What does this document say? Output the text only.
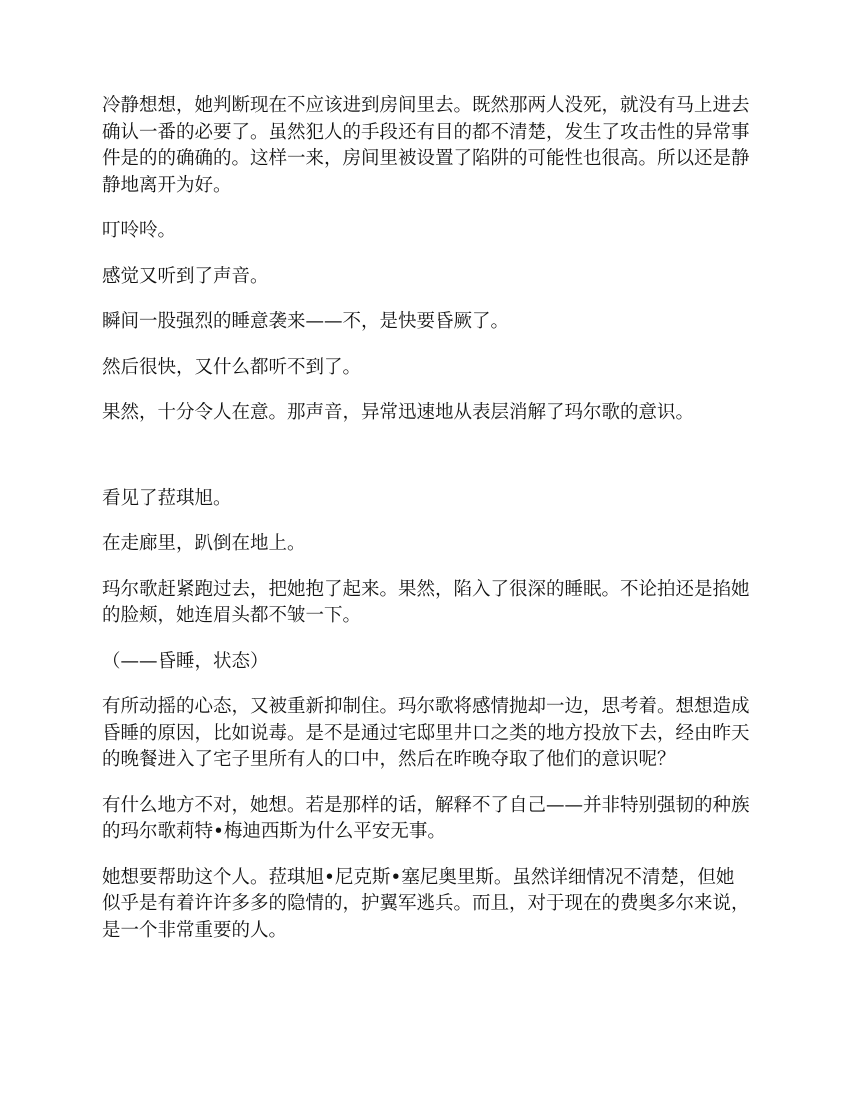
冷静想想，她判断现在不应该进到房间里去。既然那两人没死，就没有马上进去确认一番的必要了。虽然犯人的手段还有目的都不清楚，发生了攻击性的异常事件是的的确确的。这样一来，房间里被设置了陷阱的可能性也很高。所以还是静静地离开为好。

叮呤呤。

感觉又听到了声音。

瞬间一股强烈的睡意袭来——不，是快要昏厥了。

然后很快，又什么都听不到了。

果然，十分令人在意。那声音，异常迅速地从表层消解了玛尔歌的意识。

看见了菈琪旭。

在走廊里，趴倒在地上。

玛尔歌赶紧跑过去，把她抱了起来。果然，陷入了很深的睡眠。不论拍还是掐她的脸颊，她连眉头都不皱一下。

（——昏睡，状态）

有所动摇的心态，又被重新抑制住。玛尔歌将感情抛却一边，思考着。想想造成昏睡的原因，比如说毒。是不是通过宅邸里井口之类的地方投放下去，经由昨天的晚餐进入了宅子里所有人的口中，然后在昨晚夺取了他们的意识呢？

有什么地方不对，她想。若是那样的话，解释不了自己——并非特别强韧的种族的玛尔歌莉特•梅迪西斯为什么平安无事。

她想要帮助这个人。菈琪旭•尼克斯•塞尼奥里斯。虽然详细情况不清楚，但她似乎是有着许许多多的隐情的，护翼军逃兵。而且，对于现在的费奥多尔来说，是一个非常重要的人。
